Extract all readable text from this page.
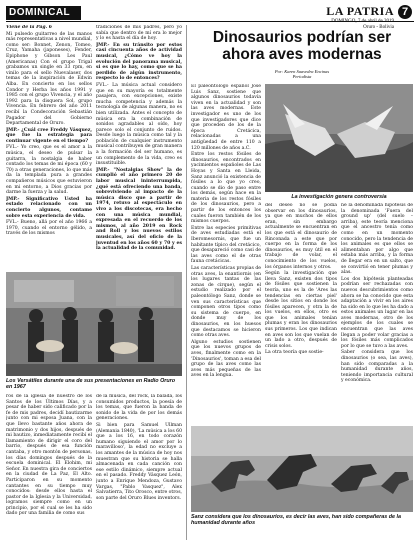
DOMINICAL	LA PATRIA
Oruro - Bolivia
7

Viene de la Pág. 6

Mi pulsedo guitarreo de las manos más representativas a nivel mundial, como ser: Bonnet, Zenon, Tomeo, Cruz, Yamaha (japoneses), Fender, Epiphone y Gibson Les Paul (Americanas) Con el grupo Trigal grabamos un single en 33 rpm, en vinilo para el sello Nuevalaser, dos temas de la inspiración de Edwin Alba. En concierto en los sellos Condor y Herba los años 1991 y 1985 con el grupo Vivencia, y el año 1992 para la disquera Sol, grupo Vivencia. En febrero del año 2011 recibí la Condecoración Sebastián Pagador del Gobierno Departamental de Oruro.

JMP.- ¿Cuál cree Freddy Vásquez, que fue la estrategia para continuar vigente en el tiempo?

FVL.- Yo creo, que es el amor a la música, el deseo de pulsar la guitarra, la nostalgia de haber contado los temas de mi época (60 y 70) a otras generaciones, lo que más da la templada pura a grandes compañeros músicos que estuvieron en mi entorno, a Dios gracias por darme la fuerza y la salud.

JMP.- Significativo Usted ha estado relacionado con un concierto algunos, contame sobre esta experiencia de vida.

FVL.- Bueno, allá por el año 1966 a 1970, cuando el entorno gélido, a través de los mismos

tradiciones de mis padres, pero yo sabía que dentro de mí era lo mejor y lo es hasta el día de hoy.

JMP.- En su tránsito por estos casi cincuenta años de actividad musical, ¿Cómo ve hoy la evolución del panorama musical, si es que lo hay, como que se ha perdido de algún instrumento, respecto lo de entonces?

FVL.- La música actual considero que en su mayoría es totalmente pasajera, con excepciones, existe mucha competencia y además la tecnología de algunas manera, no es bien utilizada. Antes el concepto de música era la combinación de sonidos agradables al oído, hoy parece solo el conjunto de ruidos. Desde luego la música como tal y la población de cualquier instrumento musical contribuyen de gran manera a la formación del ser humano, es un complemento de la vida, creo es insustituible.

JMP.- "Nostalgias Show" la de cumplió el año primero 20 de labor musical ininterrumpida, ¿qué está ofreciendo una banda, sobreviviendo al impacto de la música disco que a partir de 1974, retuvo al espectáculo en vivo a los discotecas, era hecho con una música mundial, expresada en el recuerdo de los mismos, al año 2019 en Rock and Roll y los nuevos estilos musicales, así del oficio de la juventud en los años 60 y 70 y es la actualidad de la comunidad.

Los Versátiles durante una de sus presentaciones en Radio Oruro en 1967

ros de la iglesia de nuestro de los Santos de los Últimos Días, y a pesar de haber sido calificado por la fe de mis padres, decidí bautizarme junto con mi esposa Juana, con la que llevo bastante años ahora de matrimonio y dos hijos, después de mi bautizo, inmediatamente recibí el llamamiento de dirigir el coro del barrio, después de esa función cantaba, y otro montón de personas, los días domingos después de la escuela dominical. El Elohim, mi Señor. En nuestra gira de conciertos en la ciudad de La Paz, El Alto. Participaron en su momento cantantes en su tiempo muy conocidos: desde ellos hasta el pastor de la Iglesia y la Universidad, logramos siempre como en un principio, por el cual se les ha sido dado por una familia de como sus

de la música, del rock, la balada, los consumidos productos, la poesía de los temas, que fueron la banda de sonido de la vida de por los demás generaciones.

Si bien para Samuel Ullman (Alemania 1840), 'La música a los 60 que a los 16, en todo corazón humano siguiendo el amor por lo maravilloso', la edad no excluye a los amantes de la música de hoy nos muestran que su historia se halla almacenada en cada canción con ese estilo dinámico, siempre actual en el pasado. Freddy Vásquez León, junto a Enrique Mendoza, Gustavo Vargas, "Pablo Vasquez", Alex Salvatierra, Tito Orosco, entre otros, son parte del Oruro Blues inventors.

Dinosaurios podrían ser ahora aves modernas
Por: Karen Saavedra Encinas
Periodista

El paleontólogo español José Luis Sanz, sostiene que algunos dinosaurios todavía viven en la actualidad y son las aves modernas. Este investigador es uno de los que investigadores que dice que proceden de los de la época Cretácica, relacionadas a una antigüedad de entre 110 a 120 millones de años a.C.

Entre los restos fósiles de dinosaurios, encontrados en yacimientos españoles de Las Hoyas y Santa en Lleida, Sanz anunció la existencia de fósiles a lo que yo creo, cuando se dio de paso entre los demás, según hace en la materia de los restos fósiles de los dinosaurios, pero a partir de los entonces los cuales fueron también de los mismos cuerpos.

Entre las especies primitivas de aves estudiadas está el Iberomesornis, que fue un habitante típico del cretácico, que desapareció como casi de las aves como el de otras fauna cretácicas.

Las características propias de otras aves, la enantiornis (en los lugares tantas de las zonas de cirque), según el estudio realizado por el paleontólogo Sanz, donde se ven sus características que componen otros tipos como su sistema de cuerpo, en donde muy de los dinosaurios, en los huesos que destacamos se hicieron como otras aves.

Alguno estudios sostienen que los nuevos grupos de aves, finalmente como en la 'Dinosaurios', toman a esa del grupo de las aves como las aves más pequeñas de las aves en la lengua.

La investigación genera controversia

del deseo no se podía observar en los dinosaurios, ya que en muchos de ellos eran, sin embargo actualmente se encuentran en los que está el dinosaurio de Rinconada a este que por cuerpo en la forma de los dinosaurios, es muy útil en el trabajo de volar, el conocimiento de los vuelos, los órganos internos y otros.

Según la investigación que lleva Sanz, existen dos tipos de fósiles que sostienen la teoría, uno es la de 'Ares las tendencias en ciertas piel' desde los sitios en donde los fósiles aparecen, y otra la de los vuelos, en ellos, otro es que los animales tenían plumas y eran los dinosaurios sus primeros. Los que indican en aves son los que vuelan de un lado a otro, después de crisis solos.

La otra teoría que sostie-

ne la denominada hipótesis de la denominada 'Fuera del ground up' (del suelo – arriba), este teoría menciona que el ancestro tenía como como en un momento conocido, pero la tendencia de los animales es que ellos se alimentaban por algo que estaba más arriba, y la forma de llegar era en un salto, que se convirtió en tener plumas y alas.

Los dos hipótesis planteadas podrían ser rechazadas con nuevos descubrimientos como ahora se ha conocido que esta adaptación a vivir en los aires ha sido en lo que les ha dado a estos animales un lugar en las aves modernas, otro de los ejemplos de los cuales se encuentran que las aves llegan a poder volar gracias a los fósiles más complicados por lo que se tuvo a las aves.

Saber considera que los dinosaurios (o sea, las aves), han sido comparadas a la humanidad durante años, teniendo importancia cultural y económica.

Sanz considera que los dinosaurios, es decir las aves, han sido compañeras de la humanidad durante años
